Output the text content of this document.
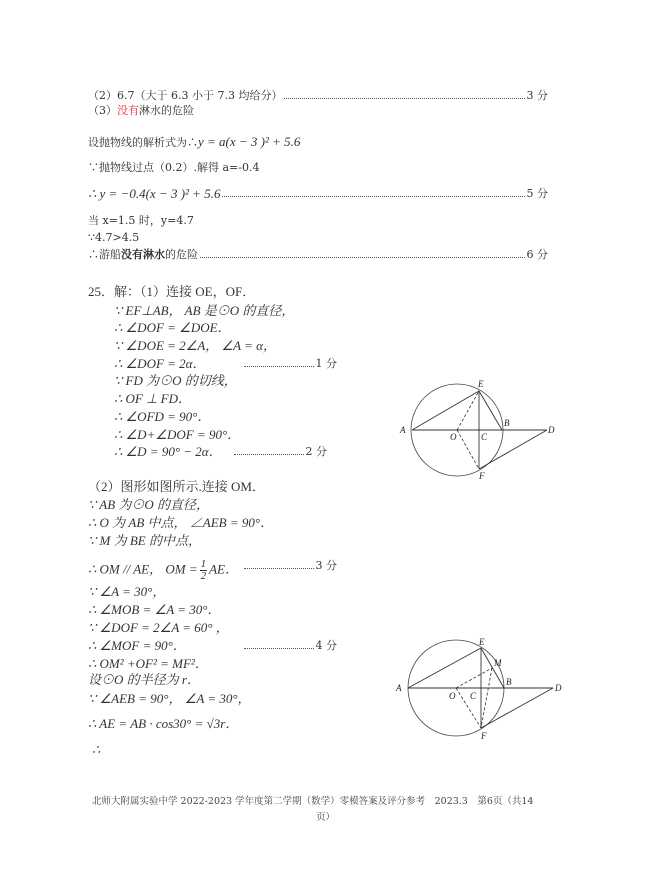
（2）6.7（大于 6.3 小于 7.3 均给分）	3 分
（3）没有淋水的危险
设抛物线的解析式为∴y = a(x − 3 )² + 5.6
∵抛物线过点（0.2）.解得 a=-0.4
∴ y = −0.4(x − 3 )² + 5.6	5 分
当 x=1.5 时，y=4.7
∵4.7>4.5
∴游船 没有淋水 的危险	6 分
25．解：（1）连接 OE，OF．
∵ EF⊥AB， AB 是⊙O 的直径，
∴ ∠DOF = ∠DOE．
∵ ∠DOE = 2∠A， ∠A = α，
∴ ∠DOF = 2α．	1 分
∵ FD 为⊙O 的切线，
∴ OF ⊥ FD．
∴ ∠OFD = 90°．
∴ ∠D+∠DOF = 90°．
∴ ∠D = 90° − 2α．	2 分
A
B
C
D
E
F
O
（2）图形如图所示.连接 OM．
∵ AB 为⊙O 的直径，
∴ O 为 AB 中点， ∠AEB = 90°．
∵ M 为 BE 的中点，
∴ OM // AE， OM = $\frac{1}{2}$ AE．	3 分
∵ ∠A = 30°，
∴ ∠MOB = ∠A = 30°．
∵ ∠DOF = 2∠A = 60° ，
∴ ∠MOF = 90°．	4 分
∴ OM² +OF² = MF²．
设⊙O 的半径为 r．
∵ ∠AEB = 90°， ∠A = 30°，
∴ AE = AB · cos30° = √3r．
∴
A
B
C
D
E
F
O
M
北师大附属实验中学 2022-2023 学年度第二学期（数学）零模答案及评分参考　2023.3　第6页（共14
页）
